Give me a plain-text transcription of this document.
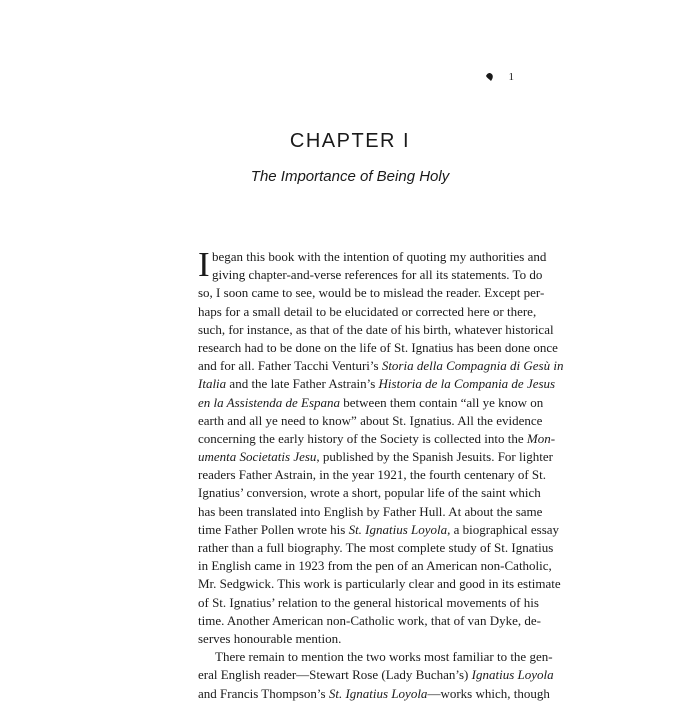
1
CHAPTER I
The Importance of Being Holy
I began this book with the intention of quoting my authorities and
giving chapter-and-verse references for all its statements. To do
so, I soon came to see, would be to mislead the reader. Except per-
haps for a small detail to be elucidated or corrected here or there,
such, for instance, as that of the date of his birth, whatever historical
research had to be done on the life of St. Ignatius has been done once
and for all. Father Tacchi Venturi’s Storia della Compagnia di Gesù in
Italia and the late Father Astrain’s Historia de la Compania de Jesus
en la Assistenda de Espana between them contain “all ye know on
earth and all ye need to know” about St. Ignatius. All the evidence
concerning the early history of the Society is collected into the Mon-
umenta Societatis Jesu, published by the Spanish Jesuits. For lighter
readers Father Astrain, in the year 1921, the fourth centenary of St.
Ignatius’ conversion, wrote a short, popular life of the saint which
has been translated into English by Father Hull. At about the same
time Father Pollen wrote his St. Ignatius Loyola, a biographical essay
rather than a full biography. The most complete study of St. Ignatius
in English came in 1923 from the pen of an American non-Catholic,
Mr. Sedgwick. This work is particularly clear and good in its estimate
of St. Ignatius’ relation to the general historical movements of his
time. Another American non-Catholic work, that of van Dyke, de-
serves honourable mention.
There remain to mention the two works most familiar to the gen-
eral English reader—Stewart Rose (Lady Buchan’s) Ignatius Loyola
and Francis Thompson’s St. Ignatius Loyola—works which, though
